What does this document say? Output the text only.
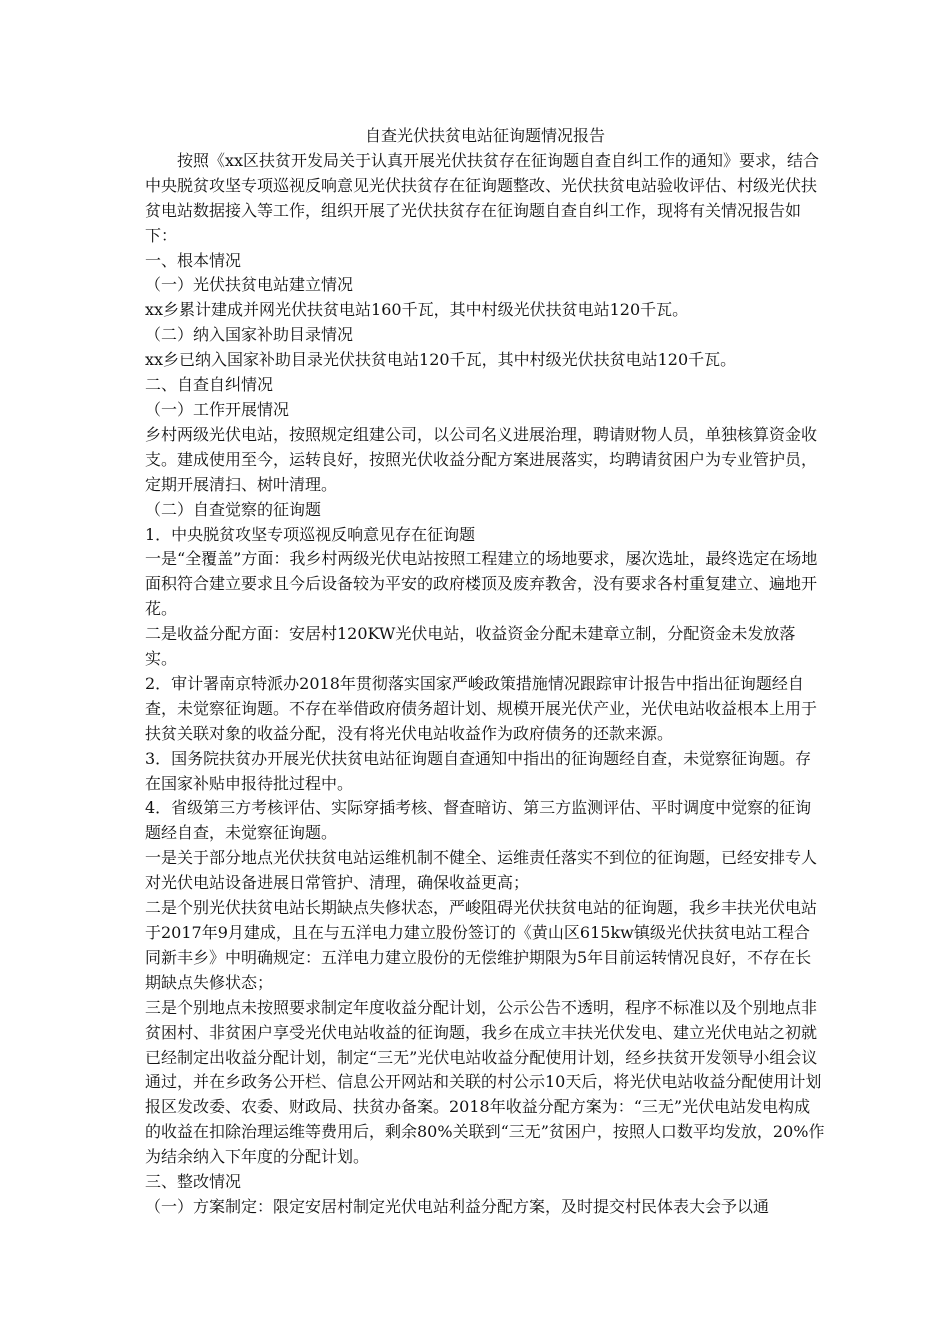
自查光伏扶贫电站征询题情况报告

按照《xx区扶贫开发局关于认真开展光伏扶贫存在征询题自查自纠工作的通知》要求，结合中央脱贫攻坚专项巡视反响意见光伏扶贫存在征询题整改、光伏扶贫电站验收评估、村级光伏扶贫电站数据接入等工作，组织开展了光伏扶贫存在征询题自查自纠工作，现将有关情况报告如下：

一、根本情况

（一）光伏扶贫电站建立情况

xx乡累计建成并网光伏扶贫电站160千瓦，其中村级光伏扶贫电站120千瓦。

（二）纳入国家补助目录情况

xx乡已纳入国家补助目录光伏扶贫电站120千瓦，其中村级光伏扶贫电站120千瓦。

二、自查自纠情况

（一）工作开展情况

乡村两级光伏电站，按照规定组建公司，以公司名义进展治理，聘请财物人员，单独核算资金收支。建成使用至今，运转良好，按照光伏收益分配方案进展落实，均聘请贫困户为专业管护员，定期开展清扫、树叶清理。

（二）自查觉察的征询题

1．中央脱贫攻坚专项巡视反响意见存在征询题

一是“全覆盖”方面：我乡村两级光伏电站按照工程建立的场地要求，屡次选址，最终选定在场地面积符合建立要求且今后设备较为平安的政府楼顶及废弃教舍，没有要求各村重复建立、遍地开花。

二是收益分配方面：安居村120KW光伏电站，收益资金分配未建章立制，分配资金未发放落实。

2．审计署南京特派办2018年贯彻落实国家严峻政策措施情况跟踪审计报告中指出征询题经自查，未觉察征询题。不存在举借政府债务超计划、规模开展光伏产业，光伏电站收益根本上用于扶贫关联对象的收益分配，没有将光伏电站收益作为政府债务的还款来源。

3．国务院扶贫办开展光伏扶贫电站征询题自查通知中指出的征询题经自查，未觉察征询题。存在国家补贴申报待批过程中。

4．省级第三方考核评估、实际穿插考核、督查暗访、第三方监测评估、平时调度中觉察的征询题经自查，未觉察征询题。

一是关于部分地点光伏扶贫电站运维机制不健全、运维责任落实不到位的征询题，已经安排专人对光伏电站设备进展日常管护、清理，确保收益更高；

二是个别光伏扶贫电站长期缺点失修状态，严峻阻碍光伏扶贫电站的征询题，我乡丰扶光伏电站于2017年9月建成，且在与五洋电力建立股份签订的《黄山区615kw镇级光伏扶贫电站工程合同新丰乡》中明确规定：五洋电力建立股份的无偿维护期限为5年目前运转情况良好，不存在长期缺点失修状态；

三是个别地点未按照要求制定年度收益分配计划，公示公告不透明，程序不标准以及个别地点非贫困村、非贫困户享受光伏电站收益的征询题，我乡在成立丰扶光伏发电、建立光伏电站之初就已经制定出收益分配计划，制定“三无”光伏电站收益分配使用计划，经乡扶贫开发领导小组会议通过，并在乡政务公开栏、信息公开网站和关联的村公示10天后，将光伏电站收益分配使用计划报区发改委、农委、财政局、扶贫办备案。2018年收益分配方案为：“三无”光伏电站发电构成的收益在扣除治理运维等费用后，剩余80%关联到“三无”贫困户，按照人口数平均发放，20%作为结余纳入下年度的分配计划。

三、整改情况

（一）方案制定：限定安居村制定光伏电站利益分配方案，及时提交村民体表大会予以通
